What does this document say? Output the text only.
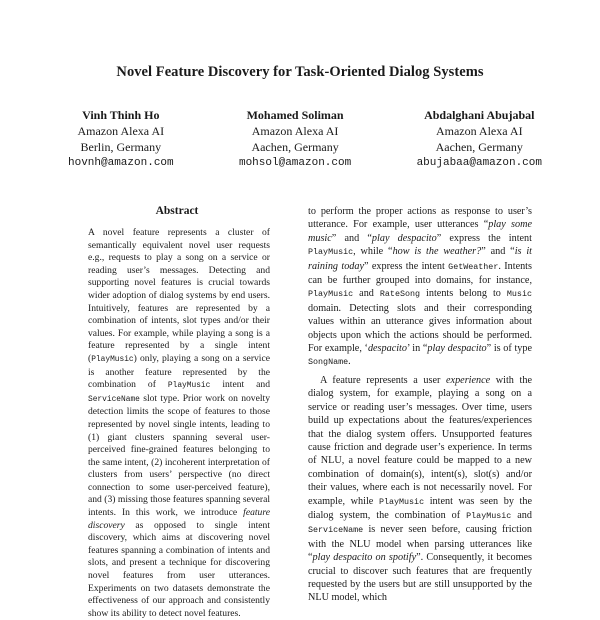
Novel Feature Discovery for Task-Oriented Dialog Systems
Vinh Thinh Ho
Amazon Alexa AI
Berlin, Germany
hovnh@amazon.com
Mohamed Soliman
Amazon Alexa AI
Aachen, Germany
mohsol@amazon.com
Abdalghani Abujabal
Amazon Alexa AI
Aachen, Germany
abujabaa@amazon.com
Abstract

A novel feature represents a cluster of semantically equivalent novel user requests e.g., requests to play a song on a service or reading user’s messages. Detecting and supporting novel features is crucial towards wider adoption of dialog systems by end users. Intuitively, features are represented by a combination of intents, slot types and/or their values. For example, while playing a song is a feature represented by a single intent (PlayMusic) only, playing a song on a service is another feature represented by the combination of PlayMusic intent and ServiceName slot type. Prior work on novelty detection limits the scope of features to those represented by novel single intents, leading to (1) giant clusters spanning several user-perceived fine-grained features belonging to the same intent, (2) incoherent interpretation of clusters from users’ perspective (no direct connection to some user-perceived feature), and (3) missing those features spanning several intents. In this work, we introduce feature discovery as opposed to single intent discovery, which aims at discovering novel features spanning a combination of intents and slots, and present a technique for discovering novel features from user utterances. Experiments on two datasets demonstrate the effectiveness of our approach and consistently show its ability to detect novel features.

to perform the proper actions as response to user’s utterance. For example, user utterances “play some music” and “play despacito” express the intent PlayMusic, while “how is the weather?” and “is it raining today” express the intent GetWeather. Intents can be further grouped into domains, for instance, PlayMusic and RateSong intents belong to Music domain. Detecting slots and their corresponding values within an utterance gives information about objects upon which the actions should be performed. For example, ‘despacito’ in “play despacito” is of type SongName.

A feature represents a user experience with the dialog system, for example, playing a song on a service or reading user’s messages. Over time, users build up expectations about the features/experiences that the dialog system offers. Unsupported features cause friction and degrade user’s experience. In terms of NLU, a novel feature could be mapped to a new combination of domain(s), intent(s), slot(s) and/or their values, where each is not necessarily novel. For example, while PlayMusic intent was seen by the dialog system, the combination of PlayMusic and ServiceName is never seen before, causing friction with the NLU model when parsing utterances like “play despacito on spotify”. Consequently, it becomes crucial to discover such features that are frequently requested by the users but are still unsupported by the NLU model, which
